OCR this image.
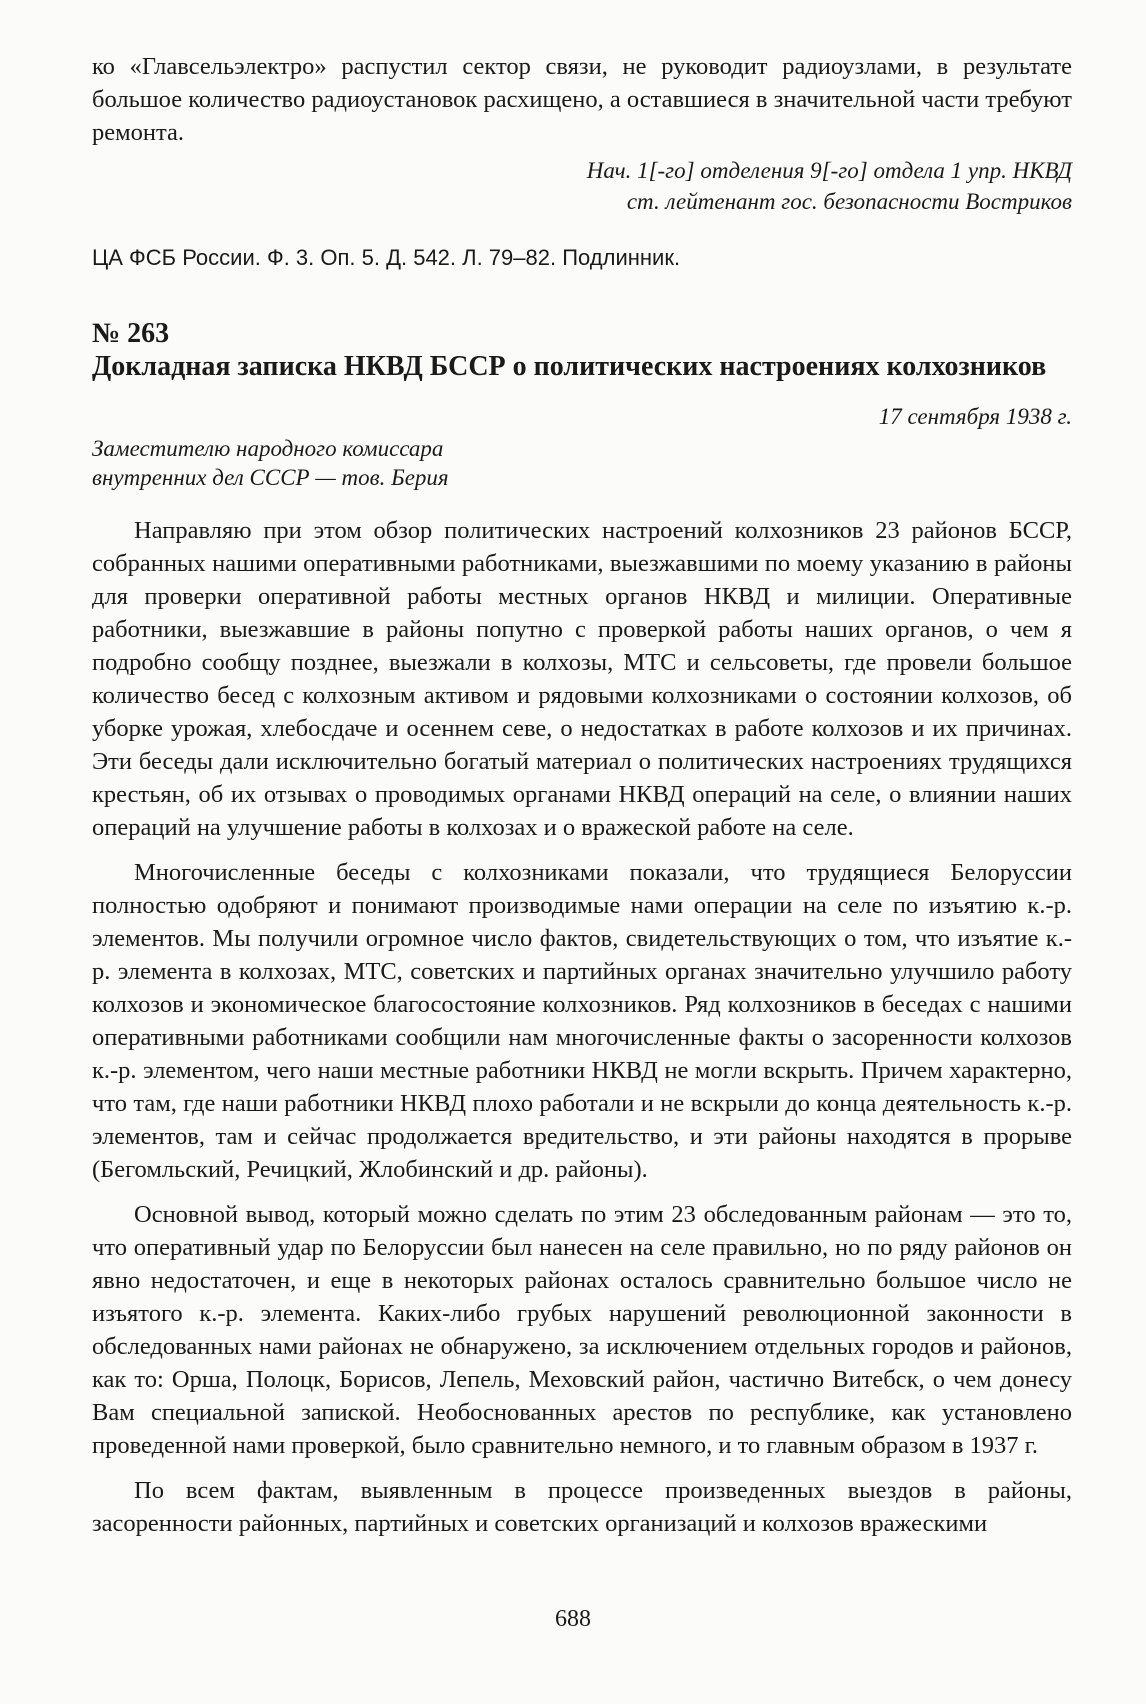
ко «Главсельэлектро» распустил сектор связи, не руководит радиоузлами, в результате большое количество радиоустановок расхищено, а оставшиеся в значительной части требуют ремонта.

Нач. 1[-го] отделения 9[-го] отдела 1 упр. НКВД
ст. лейтенант гос. безопасности Востриков
ЦА ФСБ России. Ф. 3. Оп. 5. Д. 542. Л. 79–82. Подлинник.
№ 263
Докладная записка НКВД БССР о политических настроениях колхозников
17 сентября 1938 г.
Заместителю народного комиссара
внутренних дел СССР — тов. Берия

Направляю при этом обзор политических настроений колхозников 23 районов БССР, собранных нашими оперативными работниками, выезжавшими по моему указанию в районы для проверки оперативной работы местных органов НКВД и милиции. Оперативные работники, выезжавшие в районы попутно с проверкой работы наших органов, о чем я подробно сообщу позднее, выезжали в колхозы, МТС и сельсоветы, где провели большое количество бесед с колхозным активом и рядовыми колхозниками о состоянии колхозов, об уборке урожая, хлебосдаче и осеннем севе, о недостатках в работе колхозов и их причинах. Эти беседы дали исключительно богатый материал о политических настроениях трудящихся крестьян, об их отзывах о проводимых органами НКВД операций на селе, о влиянии наших операций на улучшение работы в колхозах и о вражеской работе на селе.

Многочисленные беседы с колхозниками показали, что трудящиеся Белоруссии полностью одобряют и понимают производимые нами операции на селе по изъятию к.-р. элементов. Мы получили огромное число фактов, свидетельствующих о том, что изъятие к.-р. элемента в колхозах, МТС, советских и партийных органах значительно улучшило работу колхозов и экономическое благосостояние колхозников. Ряд колхозников в беседах с нашими оперативными работниками сообщили нам многочисленные факты о засоренности колхозов к.-р. элементом, чего наши местные работники НКВД не могли вскрыть. Причем характерно, что там, где наши работники НКВД плохо работали и не вскрыли до конца деятельность к.-р. элементов, там и сейчас продолжается вредительство, и эти районы находятся в прорыве (Бегомльский, Речицкий, Жлобинский и др. районы).

Основной вывод, который можно сделать по этим 23 обследованным районам — это то, что оперативный удар по Белоруссии был нанесен на селе правильно, но по ряду районов он явно недостаточен, и еще в некоторых районах осталось сравнительно большое число не изъятого к.-р. элемента. Каких-либо грубых нарушений революционной законности в обследованных нами районах не обнаружено, за исключением отдельных городов и районов, как то: Орша, Полоцк, Борисов, Лепель, Меховский район, частично Витебск, о чем донесу Вам специальной запиской. Необоснованных арестов по республике, как установлено проведенной нами проверкой, было сравнительно немного, и то главным образом в 1937 г.

По всем фактам, выявленным в процессе произведенных выездов в районы, засоренности районных, партийных и советских организаций и колхозов вражескими

688
